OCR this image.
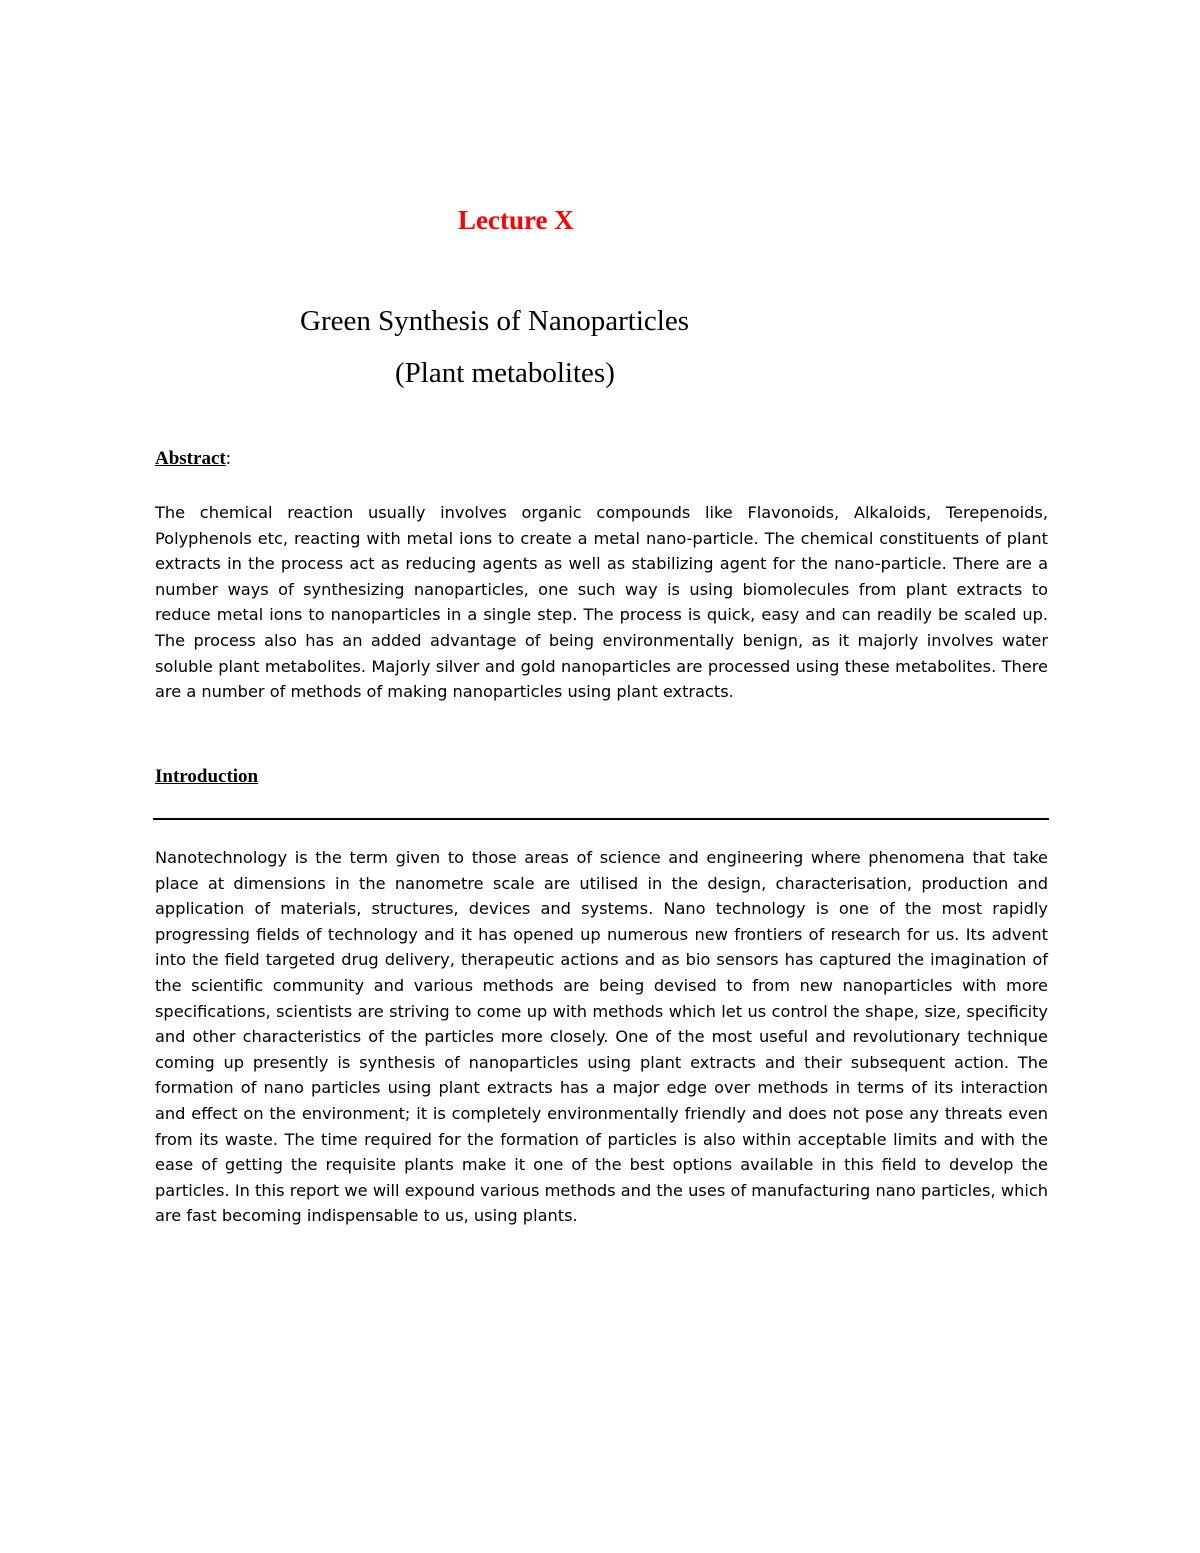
Lecture X
Green Synthesis of Nanoparticles
(Plant metabolites)
Abstract:

The chemical reaction usually involves organic compounds like Flavonoids, Alkaloids, Terepenoids, Polyphenols etc, reacting with metal ions to create a metal nano-particle. The chemical constituents of plant extracts in the process act as reducing agents as well as stabilizing agent for the nano-particle. There are a number ways of synthesizing nanoparticles, one such way is using biomolecules from plant extracts to reduce metal ions to nanoparticles in a single step. The process is quick, easy and can readily be scaled up. The process also has an added advantage of being environmentally benign, as it majorly involves water soluble plant metabolites. Majorly silver and gold nanoparticles are processed using these metabolites. There are a number of methods of making nanoparticles using plant extracts.

Introduction

Nanotechnology is the term given to those areas of science and engineering where phenomena that take place at dimensions in the nanometre scale are utilised in the design, characterisation, production and application of materials, structures, devices and systems. Nano technology is one of the most rapidly progressing fields of technology and it has opened up numerous new frontiers of research for us. Its advent into the field targeted drug delivery, therapeutic actions and as bio sensors has captured the imagination of the scientific community and various methods are being devised to from new nanoparticles with more specifications, scientists are striving to come up with methods which let us control the shape, size, specificity and other characteristics of the particles more closely. One of the most useful and revolutionary technique coming up presently is synthesis of nanoparticles using plant extracts and their subsequent action. The formation of nano particles using plant extracts has a major edge over methods in terms of its interaction and effect on the environment; it is completely environmentally friendly and does not pose any threats even from its waste. The time required for the formation of particles is also within acceptable limits and with the ease of getting the requisite plants make it one of the best options available in this field to develop the particles. In this report we will expound various methods and the uses of manufacturing nano particles, which are fast becoming indispensable to us, using plants.
